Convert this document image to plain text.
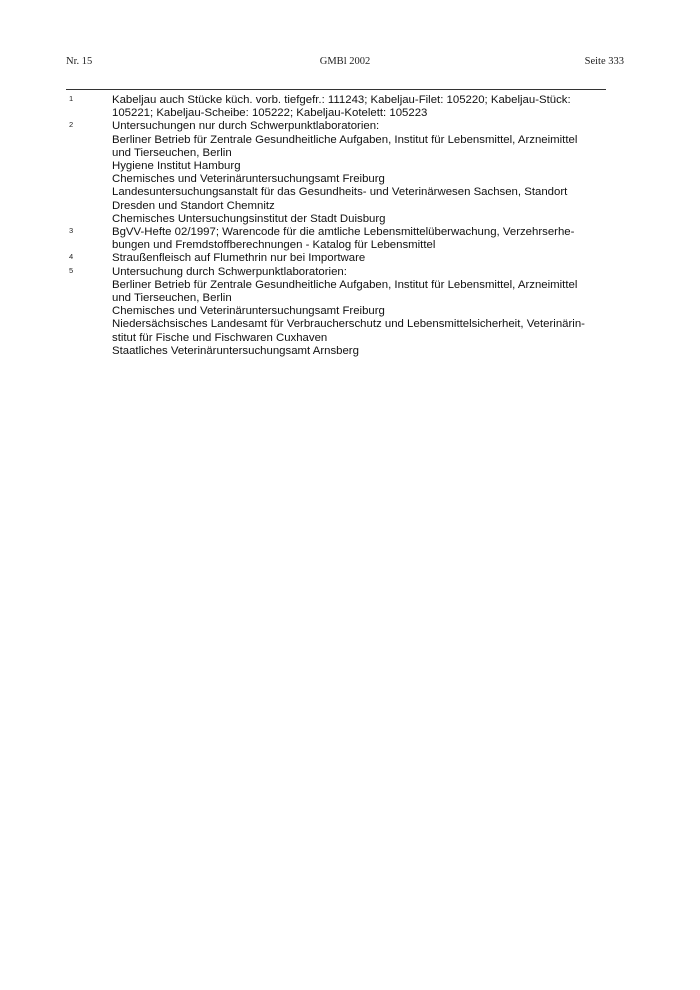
Nr. 15	GMBl 2002	Seite 333
1	Kabeljau auch Stücke küch. vorb. tiefgefr.: 111243; Kabeljau-Filet: 105220; Kabeljau-Stück:
105221; Kabeljau-Scheibe: 105222; Kabeljau-Kotelett: 105223
2	Untersuchungen nur durch Schwerpunktlaboratorien:
Berliner Betrieb für Zentrale Gesundheitliche Aufgaben, Institut für Lebensmittel, Arzneimittel
und Tierseuchen, Berlin
Hygiene Institut Hamburg
Chemisches und Veterinäruntersuchungsamt Freiburg
Landesuntersuchungsanstalt für das Gesundheits- und Veterinärwesen Sachsen, Standort
Dresden und Standort Chemnitz
Chemisches Untersuchungsinstitut der Stadt Duisburg
3	BgVV-Hefte 02/1997; Warencode für die amtliche Lebensmittelüberwachung, Verzehrserhe-
bungen und Fremdstoffberechnungen - Katalog für Lebensmittel
4	Straußenfleisch auf Flumethrin nur bei Importware
5	Untersuchung durch Schwerpunktlaboratorien:
Berliner Betrieb für Zentrale Gesundheitliche Aufgaben, Institut für Lebensmittel, Arzneimittel
und Tierseuchen, Berlin
Chemisches und Veterinäruntersuchungsamt Freiburg
Niedersächsisches Landesamt für Verbraucherschutz und Lebensmittelsicherheit, Veterinärin-
stitut für Fische und Fischwaren Cuxhaven
Staatliches Veterinäruntersuchungsamt Arnsberg
